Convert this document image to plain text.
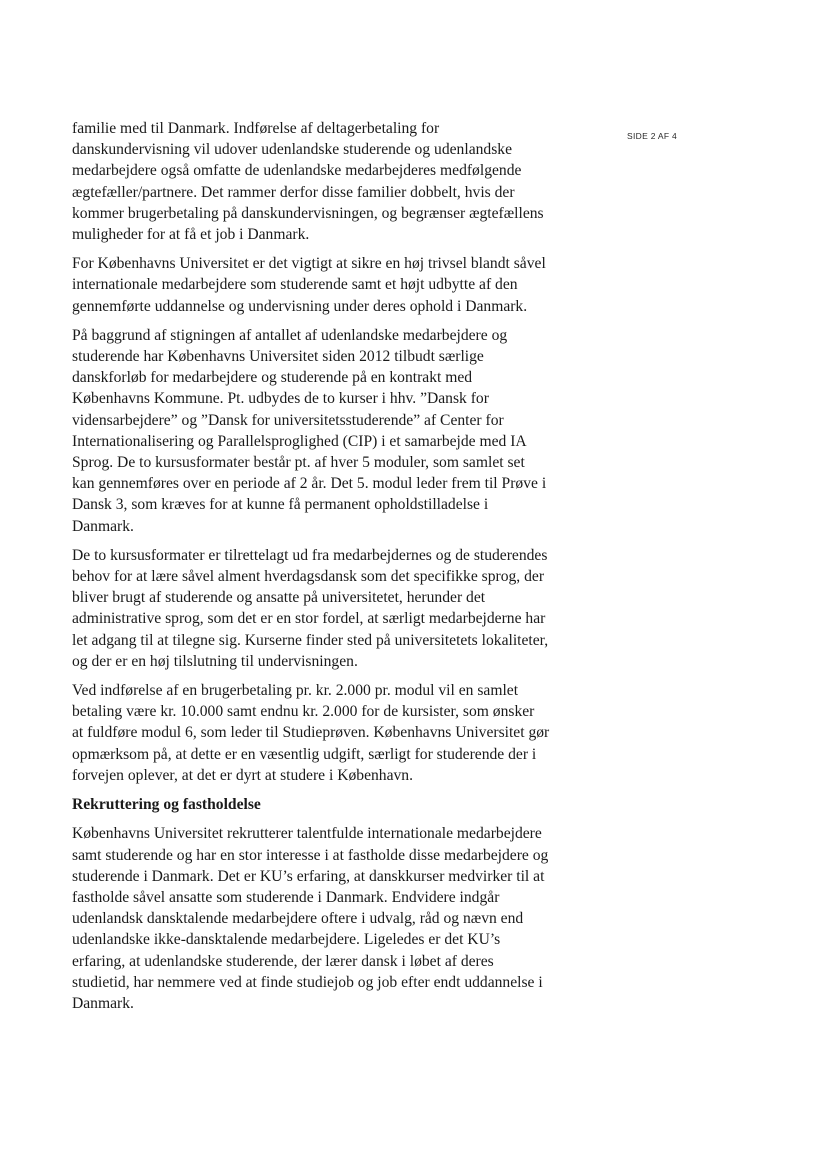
SIDE 2 AF 4

familie med til Danmark. Indførelse af deltagerbetaling for
danskundervisning vil udover udenlandske studerende og udenlandske
medarbejdere også omfatte de udenlandske medarbejderes medfølgende
ægtefæller/partnere. Det rammer derfor disse familier dobbelt, hvis der
kommer brugerbetaling på danskundervisningen, og begrænser ægtefællens
muligheder for at få et job i Danmark.

For Københavns Universitet er det vigtigt at sikre en høj trivsel blandt såvel
internationale medarbejdere som studerende samt et højt udbytte af den
gennemførte uddannelse og undervisning under deres ophold i Danmark.

På baggrund af stigningen af antallet af udenlandske medarbejdere og
studerende har Københavns Universitet siden 2012 tilbudt særlige
danskforløb for medarbejdere og studerende på en kontrakt med
Københavns Kommune. Pt. udbydes de to kurser i hhv. ”Dansk for
vidensarbejdere” og ”Dansk for universitetsstuderende” af Center for
Internationalisering og Parallelsproglighed (CIP) i et samarbejde med IA
Sprog. De to kursusformater består pt. af hver 5 moduler, som samlet set
kan gennemføres over en periode af 2 år. Det 5. modul leder frem til Prøve i
Dansk 3, som kræves for at kunne få permanent opholdstilladelse i
Danmark.

De to kursusformater er tilrettelagt ud fra medarbejdernes og de studerendes
behov for at lære såvel alment hverdagsdansk som det specifikke sprog, der
bliver brugt af studerende og ansatte på universitetet, herunder det
administrative sprog, som det er en stor fordel, at særligt medarbejderne har
let adgang til at tilegne sig. Kurserne finder sted på universitetets lokaliteter,
og der er en høj tilslutning til undervisningen.

Ved indførelse af en brugerbetaling pr. kr. 2.000 pr. modul vil en samlet
betaling være kr. 10.000 samt endnu kr. 2.000 for de kursister, som ønsker
at fuldføre modul 6, som leder til Studieprøven. Københavns Universitet gør
opmærksom på, at dette er en væsentlig udgift, særligt for studerende der i
forvejen oplever, at det er dyrt at studere i København.

Rekruttering og fastholdelse

Københavns Universitet rekrutterer talentfulde internationale medarbejdere
samt studerende og har en stor interesse i at fastholde disse medarbejdere og
studerende i Danmark. Det er KU’s erfaring, at danskkurser medvirker til at
fastholde såvel ansatte som studerende i Danmark. Endvidere indgår
udenlandsk dansktalende medarbejdere oftere i udvalg, råd og nævn end
udenlandske ikke-dansktalende medarbejdere. Ligeledes er det KU’s
erfaring, at udenlandske studerende, der lærer dansk i løbet af deres
studietid, har nemmere ved at finde studiejob og job efter endt uddannelse i
Danmark.
